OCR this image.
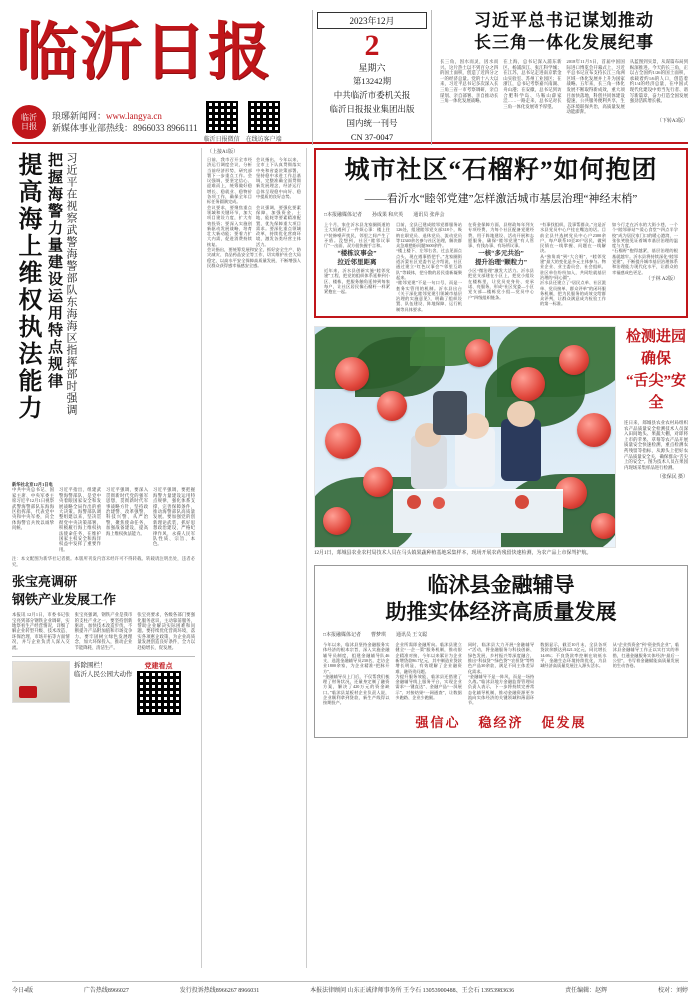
临沂日报
临沂
日报
琅琊新闻网：www.langya.cn
新媒体事业部热线：8966033 8966111
临沂日报微信 在线访客户端
2023年12月
2
星期六
第13242期
中共临沂市委机关报
临沂日报报业集团出版
国内统一刊号
CN 37-0047
习近平总书记谋划推动
长三角一体化发展纪事
长三角，因水而灵，因水而兴。这片热土以不到百分之四的国土面积，创造了近四分之一的经济总量。党的十八大以来，习近平总书记多次深入长三角三省一市考察调研，亲自谋划、亲自部署、亲自推动长三角一体化发展战略。
在上海，总书记深入浦东新区、杨浦滨江、张江科学城；在江苏，总书记走进南京紫金山实验室、苏州工业园区；在浙江，总书记考察嘉兴南湖、舟山港；在安徽，总书记到访合肥科学岛、马鞍山薛家洼……一路走来，总书记对长三角一体化发展寄予厚望。
2018年11月5日，首届中国国际进口博览会开幕式上，习近平总书记宣布支持长江三角洲区域一体化发展并上升为国家战略。五年来，长三角一体化发展不断取得新成效，重大项目加快落地，科创共同体建设提速，公共服务便利共享，生态环境联保共治，高质量发展动能澎湃。
从蓝图到实景，从谋篇布局到纵深推进。今天的长三角，正以占全国约1/26的国土面积，承载着约1/6的人口，创造着约1/4的经济总量，在中国式现代化建设中勇当先行者、谱写新篇章，奋力打造全国发展强劲活跃增长极。
（下转A3版）
提高海上维权执法能力 把握海警力量建设运用特点规律 习近平在视察武警海警部队东海海区指挥部时强调
新华社北京12月1日电
中共中央总书记、国家主席、中央军委主席习近平12月1日视察武警海警部队东海海区指挥部，代表党中央和中央军委，向全体海警官兵致以诚挚问候。
习近平指出，组建武警海警部队，是党中央着眼国家安全和发展战略全局作出的重大决策。海警部队调整组建以来，坚决贯彻党中央决策部署，积极履行海上维权执法使命任务，在维护国家主权安全和海洋权益中发挥了重要作用。
习近平强调，要深入贯彻新时代党的强军思想，贯彻新时代军事战略方针，坚持政治建警、改革强警、科技兴警、从严治警，聚焦使命任务，加强战备建设，提高海上维权执法能力。
习近平强调，要把握海警力量建设运用特点规律，强化体系支撑，完善保障条件，推动海警部队高质量发展。要加强党的创新理论武装，抓好思想政治建设，严格纪律作风，永葆人民军队性质、宗旨、本色。
注：本文配图为新华社记者摄。本版所刊发内容未经许可不得转载。转载请注明出处，违者必究。
张宝亮调研
钢铁产业发展工作
本报讯 12月1日，市委书记张宝亮到部分钢铁企业调研，实地察看生产经营情况，详细了解企业转型升级、技术改造、环保治理、市场开拓等方面情况，并与企业负责人深入交流。
张宝亮强调，钢铁产业是我市的支柱产业之一，要坚持创新驱动，加快技术改造步伐，不断提升产品附加值和市场竞争力。要牢固树立绿色发展理念，加大环保投入，推动企业节能降耗、清洁生产。
张宝亮要求，各级各部门要强化服务意识，主动靠前服务，帮助企业解决实际困难和问题。要持续优化营商环境，落实各项惠企政策，为企业高质量发展创造良好条件，全力以赴稳增长、促发展。
拆除围栏！
临沂人民公园大动作
党建看点
（上接A1版）
日前，我市召开全市经济运行调度会议，分析当前经济形势，研究部署下一步重点工作。会议强调，要坚定信心、迎难而上，统筹做好稳增长、稳就业、稳物价各项工作，确保全年目标任务圆满完成。
会议指出，今年以来，全市上下认真贯彻落实中央和省委决策部署，坚持稳中求进工作总基调，完整准确全面贯彻新发展理念，经济运行总体呈现稳中向好、稳中提质的良好态势。
会议要求，要聚焦重点领域和关键环节，加大项目建设力度，扩大有效投资；要深入实施创新驱动发展战略，培育壮大新动能；要着力扩大内需，促进消费持续恢复。
会议强调，要强化要素保障，加强资金、土地、能耗等要素精准配置，优先保障重大项目需求。要深化重点领域改革，持续优化营商环境，激发各类经营主体活力。
会议指出，要统筹发展和安全，抓好安全生产、防灾减灾、食品药品安全等工作，切实维护社会大局稳定，以高水平安全保障高质量发展，不断增强人民群众获得感幸福感安全感。
城市社区“石榴籽”如何抱团
——看沂水“睦邻党建”怎样激活城市基层治理“神经末梢”
□本报融媒体记者 孙成果 和庆英 通讯员 张萍会
上个月，家住沂水县龙家圈街道的王大妈遇到了一件烦心事：楼上住户装修噪声扰民，邻里之间产生了矛盾。没想到，社区“睦邻议事厅”一出面，双方很快握手言和。
“楼栋议事会”
拉近邻里距离
近年来，沂水县创新实施“睦邻党建”工程，把党的组织体系延伸到小区、楼栋，把服务触角延伸到每家每户，让社区居民像石榴籽一样紧紧抱在一起。
目前，全县已建成睦邻党群服务站126处，组建睦邻党支部318个，吸纳在职党员、退休党员、流动党员等12340余名参与社区治理，解决群众急难愁盼问题5600余件。
“楼上楼下、左邻右舍，过去见面点点头，现在遇事搭把手。”龙家圈街道沂蒙社区党委书记介绍说，社区通过建立“红色议事会”“邻里互助队”等载体，把分散的居民重新凝聚起来。
“睦邻党建”不是一句口号，而是一套务实管用的机制。沂水县出台《关于深化睦邻党建引领城市基层治理的实施意见》，明确了组织设置、队伍建设、阵地保障、运行机制等具体要求。
在资金保障方面，县财政每年列支专项经费，为每个社区配备党建经费，用于阵地建设、活动开展和志愿服务，确保“睦邻党建”有人管事、有钱办事、有场所议事。
一核“多元共治”
提升治理“颗粒力”
小区“微治理”激发大活力。沂水县把党支部建在小区上，把党小组设在楼栋里，让党员亮身份、亮承诺、亮服务，形成“社区党委—小区党支部—楼栋党小组—党员中心户”四级组织链条。
“有事找组织，没事帮群众。”这是沂水县党员中心户挂在嘴边的话。目前全县共选树党员中心户2300余户，每户联系10至20户居民，做到民情在一线掌握、问题在一线解决。
从“独角戏”到“大合唱”，“睦邻党建”最大的变化是多元主体参与。物业企业、业主委员会、社会组织、驻区单位纷纷加入，共同绘就基层治理的“同心圆”。
沂水县还建立了“居民点单、社区派单、党员接单、群众评单”的闭环服务机制，把为民服务的成效交给群众评判，让群众满意成为检验工作的第一标准。
如今行走在沂水的大街小巷，一个个“睦邻驿站”“爱心食堂”“四点半学校”成为居民家门口的暖心港湾，一张张笑脸见证着城市基层治理的温度与力度。
“石榴籽”抱得越紧，基层治理的根基就越牢。沂水县将持续深化“睦邻党建”，不断提升城市基层治理体系和治理能力现代化水平，让群众的幸福感成色更足。
（于林 A2版）
12月1日，郯城县农业农村局技术人员在马头镇果蔬种植基地采集样本，现场开展农药残留快速检测，为农产品上市保驾护航。
检测进园
确保
“舌尖”安全
连日来，郯城县农业农村局组织农产品质量安全检测技术人员深入田间地头、果蔬大棚，对即将上市的苹果、草莓等农产品开展质量安全快速检测，重点检测农药残留等指标，从源头上把好农产品质量安全关，确保群众“舌尖上的安全”。图为技术人员在果园内现场采集样品进行检测。
（张保民 摄）
临沭县金融辅导
助推实体经济高质量发展
□本报融媒体记者 曹梦琪 通讯员 王文聪
今年以来，临沭县坚持金融服务实体经济的根本宗旨，深入实施金融辅导员制度，组建金融辅导队46支，选派金融辅导员230名，走访企业1800余家，为企业精准“把脉开方”。
“金融辅导员上门后，不仅帮我们梳理了财务状况，还量身定制了融资方案，解决了420万元的资金缺口。”临沭县某板材企业负责人说，企业顺利拿到贷款，新生产线得以按期投产。
企业所需即金融所向。临沭县建立健全“一企一策”服务机制，推动银企精准对接，今年以来累计为企业新增贷款86.7亿元，其中制造业贷款增长明显，有效缓解了企业融资难、融资贵问题。
为提升服务效能，临沭县还搭建了金融辅导线上服务平台，实现企业需求“一键直达”、金融产品“一屏展示”、对接结果“一网通查”，让数据多跑路、企业少跑腿。
同时，临沭县大力开展“金融辅导+”活动，将金融服务与科技创新、绿色发展、乡村振兴等深度融合，推出“科技贷”“绿色贷”“农担贷”等特色产品30余款，满足不同主体差异化需求。
“金融辅导不是一阵风，而是一场持久战。”临沭县地方金融监督管理局负责人表示，下一步将持续完善常态化辅导机制，推动金融资源更多流向实体经济的关键领域和薄弱环节。
数据显示，截至10月末，全县各项贷款余额达到421.3亿元，同比增长14.6%；不良贷款率控制在较低水平，金融生态环境持续优化，为县域经济高质量发展注入源头活水。
从“企业找资金”到“资金找企业”，临沭县金融辅导工作正以实打实的举措，打通金融服务实体经济“最后一公里”，书写着金融赋能高质量发展的生动答卷。
强信心 稳经济 促发展
今日4版	广告热线8966027	发行投诉热线8966267 8966031	本报法律顾问 山东正诚律师事务所 王令石 13053900488、王会石 13953983636	责任编辑：赵辉	校对：刘婷
